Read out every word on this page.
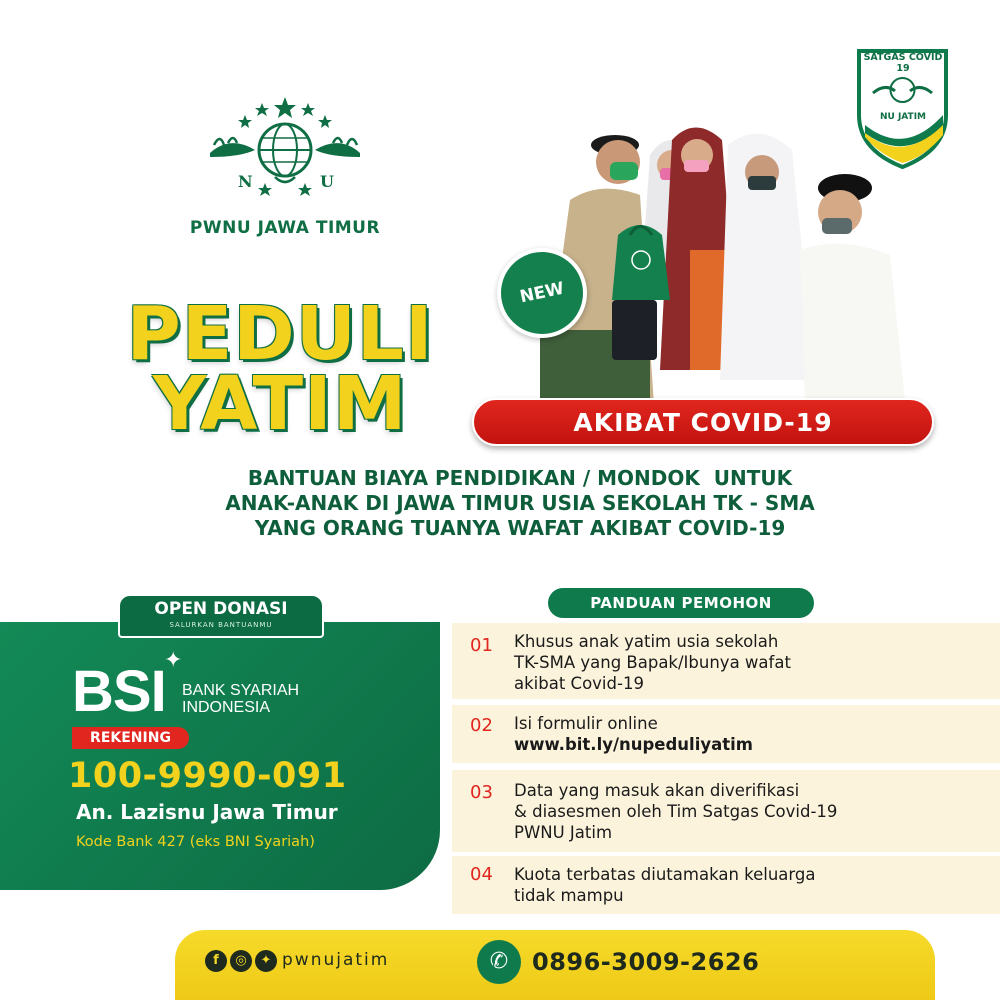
N	U
PWNU JAWA TIMUR
SATGAS COVID 19
NU JATIM
NEW
PEDULI
YATIM	AKIBAT COVID-19
BANTUAN BIAYA PENDIDIKAN / MONDOK  UNTUK
ANAK-ANAK DI JAWA TIMUR USIA SEKOLAH TK - SMA
YANG ORANG TUANYA WAFAT AKIBAT COVID-19
OPEN DONASI
SALURKAN BANTUANMU
BSI
✦
BANK SYARIAH
INDONESIA
REKENING
100-9990-091
An. Lazisnu Jawa Timur
Kode Bank 427 (eks BNI Syariah)
PANDUAN PEMOHON
01 Khusus anak yatim usia sekolah
TK-SMA yang Bapak/Ibunya wafat
akibat Covid-19
02 Isi formulir online
www.bit.ly/nupeduliyatim
03 Data yang masuk akan diverifikasi
& diasesmen oleh Tim Satgas Covid-19
PWNU Jatim
04 Kuota terbatas diutamakan keluarga
tidak mampu
f	◎	✦ pwnujatim	✆ 0896-3009-2626
